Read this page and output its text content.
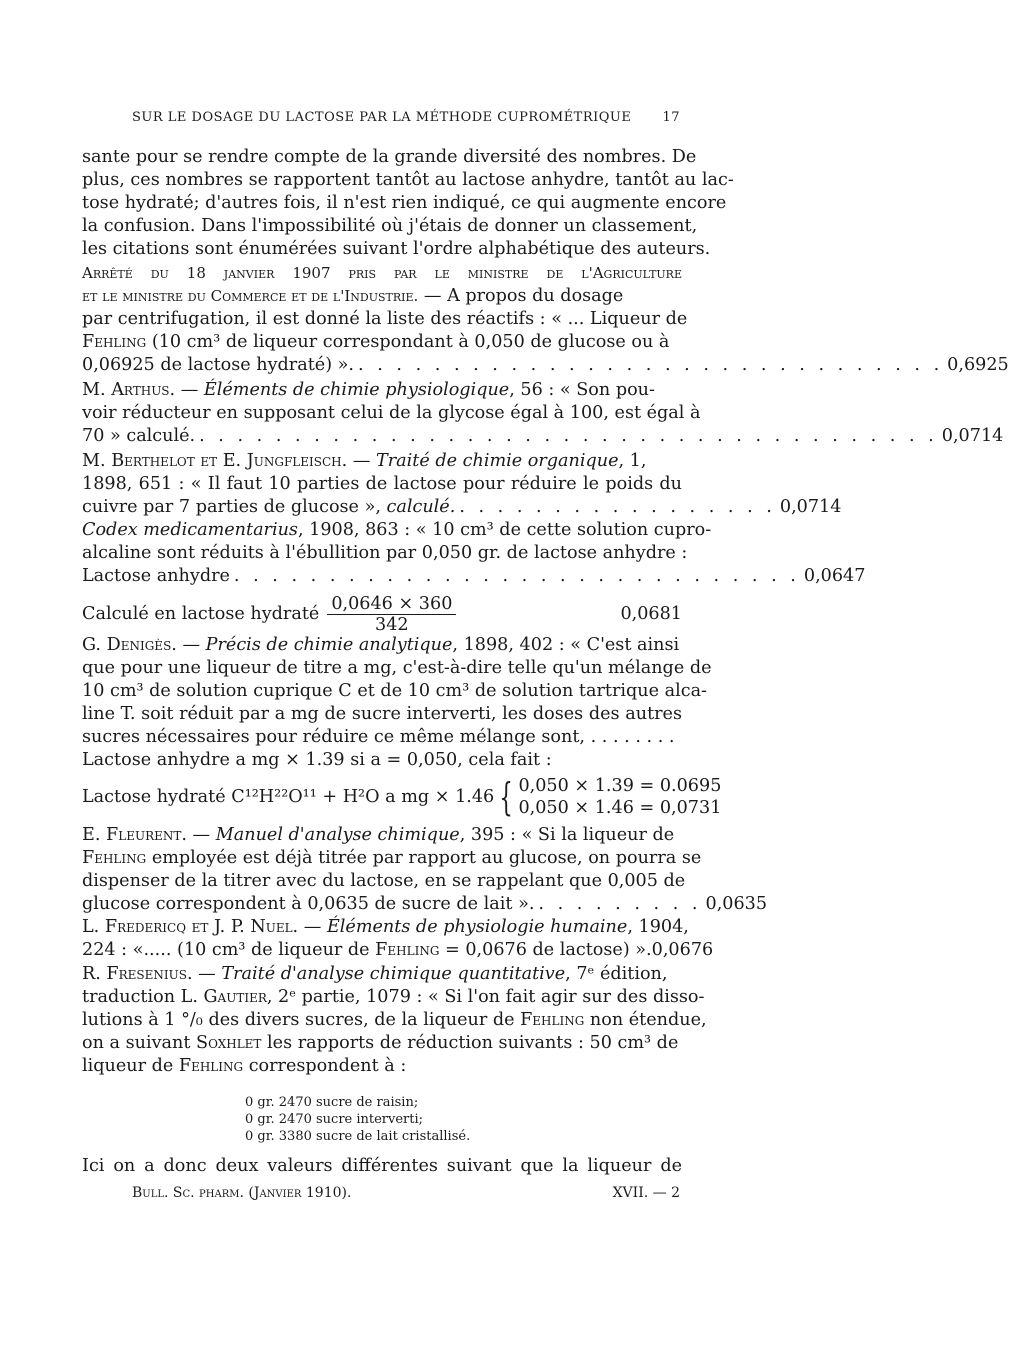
SUR LE DOSAGE DU LACTOSE PAR LA MÉTHODE CUPROMÉTRIQUE 17
sante pour se rendre compte de la grande diversité des nombres. De
plus, ces nombres se rapportent tantôt au lactose anhydre, tantôt au lac-
tose hydraté; d'autres fois, il n'est rien indiqué, ce qui augmente encore
la confusion. Dans l'impossibilité où j'étais de donner un classement,
les citations sont énumérées suivant l'ordre alphabétique des auteurs.
Arrêté du 18 janvier 1907 pris par le ministre de l'Agriculture
et le ministre du Commerce et de l'Industrie. — A propos du dosage
par centrifugation, il est donné la liste des réactifs : « ... Liqueur de
Fehling (10 cm³ de liqueur correspondant à 0,050 de glucose ou à
0,06925 de lactose hydraté) ». . . . . . . . . . . . . . . . . . . . . . . . . . . . . . . . 0,6925
M. Arthus. — Éléments de chimie physiologique, 56 : « Son pou-
voir réducteur en supposant celui de la glycose égal à 100, est égal à
70 » calculé. . . . . . . . . . . . . . . . . . . . . . . . . . . . . . . . . . . . . . . . 0,0714
M. Berthelot et E. Jungfleisch. — Traité de chimie organique, 1,
1898, 651 : « Il faut 10 parties de lactose pour réduire le poids du
cuivre par 7 parties de glucose », calculé. . . . . . . . . . . . . . . . . . 0,0714
Codex medicamentarius, 1908, 863 : « 10 cm³ de cette solution cupro-
alcaline sont réduits à l'ébullition par 0,050 gr. de lactose anhydre :
Lactose anhydre . . . . . . . . . . . . . . . . . . . . . . . . . . . . . . 0,0647
Calculé en lactose hydraté $\frac{0,0646 \times 360}{342}$	0,0681
G. Denigès. — Précis de chimie analytique, 1898, 402 : « C'est ainsi
que pour une liqueur de titre a mg, c'est-à-dire telle qu'un mélange de
10 cm³ de solution cuprique C et de 10 cm³ de solution tartrique alca-
line T. soit réduit par a mg de sucre interverti, les doses des autres
sucres nécessaires pour réduire ce même mélange sont, . . . . . . . .
Lactose anhydre a mg × 1.39 si a = 0,050, cela fait :
Lactose hydraté C¹²H²²O¹¹ + H²O a mg × 1.46 { 0,050 × 1.39 = 0.0695
0,050 × 1.46 = 0,0731
E. Fleurent. — Manuel d'analyse chimique, 395 : « Si la liqueur de
Fehling employée est déjà titrée par rapport au glucose, on pourra se
dispenser de la titrer avec du lactose, en se rappelant que 0,005 de
glucose correspondent à 0,0635 de sucre de lait ». . . . . . . . . . 0,0635
L. Fredericq et J. P. Nuel. — Éléments de physiologie humaine, 1904,
224 : «..... (10 cm³ de liqueur de Fehling = 0,0676 de lactose) ». 0,0676
R. Fresenius. — Traité d'analyse chimique quantitative, 7ᵉ édition,
traduction L. Gautier, 2ᵉ partie, 1079 : « Si l'on fait agir sur des disso-
lutions à 1 °/₀ des divers sucres, de la liqueur de Fehling non étendue,
on a suivant Soxhlet les rapports de réduction suivants : 50 cm³ de
liqueur de Fehling correspondent à :
0 gr. 2470 sucre de raisin;
0 gr. 2470 sucre interverti;
0 gr. 3380 sucre de lait cristallisé.
Ici on a donc deux valeurs différentes suivant que la liqueur de
Bull. Sc. pharm. (Janvier 1910).	XVII. — 2
